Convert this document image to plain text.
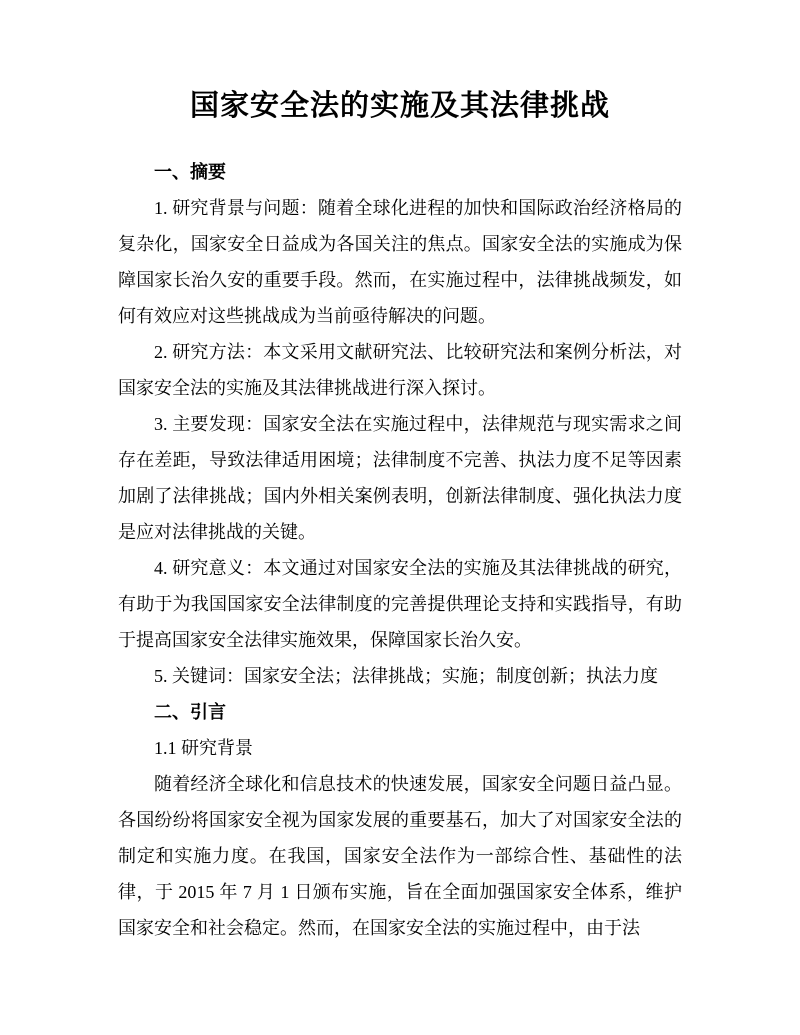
国家安全法的实施及其法律挑战

一、摘要

1. 研究背景与问题：随着全球化进程的加快和国际政治经济格局的复杂化，国家安全日益成为各国关注的焦点。国家安全法的实施成为保障国家长治久安的重要手段。然而，在实施过程中，法律挑战频发，如何有效应对这些挑战成为当前亟待解决的问题。

2. 研究方法：本文采用文献研究法、比较研究法和案例分析法，对国家安全法的实施及其法律挑战进行深入探讨。

3. 主要发现：国家安全法在实施过程中，法律规范与现实需求之间存在差距，导致法律适用困境；法律制度不完善、执法力度不足等因素加剧了法律挑战；国内外相关案例表明，创新法律制度、强化执法力度是应对法律挑战的关键。

4. 研究意义：本文通过对国家安全法的实施及其法律挑战的研究，有助于为我国国家安全法律制度的完善提供理论支持和实践指导，有助于提高国家安全法律实施效果，保障国家长治久安。

5. 关键词：国家安全法；法律挑战；实施；制度创新；执法力度

二、引言

1.1 研究背景

随着经济全球化和信息技术的快速发展，国家安全问题日益凸显。各国纷纷将国家安全视为国家发展的重要基石，加大了对国家安全法的制定和实施力度。在我国，国家安全法作为一部综合性、基础性的法律，于 2015 年 7 月 1 日颁布实施，旨在全面加强国家安全体系，维护国家安全和社会稳定。然而，在国家安全法的实施过程中，由于法
